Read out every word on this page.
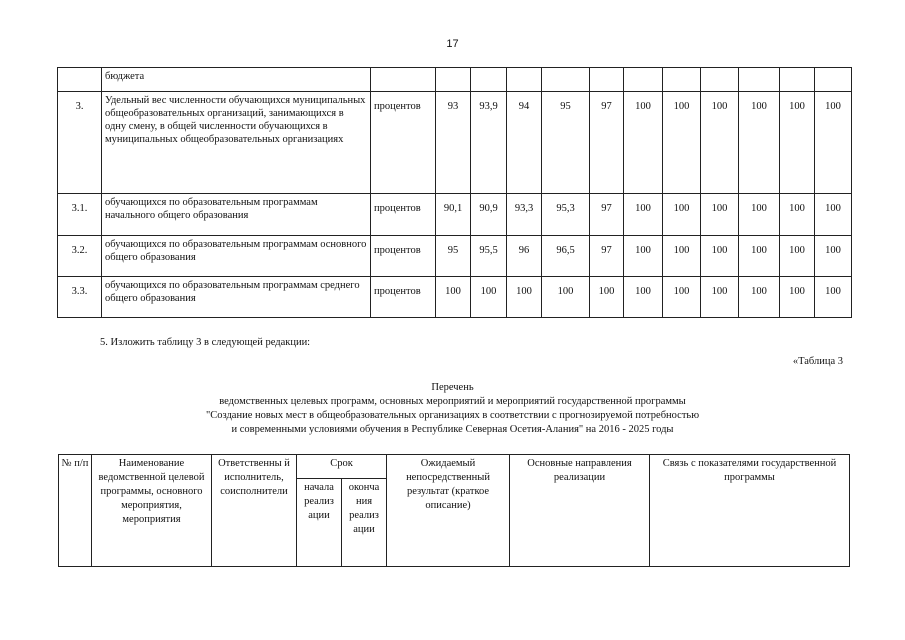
17
	бюджета												
3.	Удельный вес численности обучающихся муниципальных общеобразовательных организаций, занимающихся в одну смену, в общей численности обучающихся в муниципальных общеобразовательных организациях	процентов	93	93,9	94	95	97	100	100	100	100	100	100
3.1.	обучающихся по образовательным программам начального общего образования	процентов	90,1	90,9	93,3	95,3	97	100	100	100	100	100	100
3.2.	обучающихся по образовательным программам основного общего образования	процентов	95	95,5	96	96,5	97	100	100	100	100	100	100
3.3.	обучающихся по образовательным программам среднего общего образования	процентов	100	100	100	100	100	100	100	100	100	100	100
5. Изложить таблицу 3 в следующей редакции:
«Таблица 3
Перечень
ведомственных целевых программ, основных мероприятий и мероприятий государственной программы
"Создание новых мест в общеобразовательных организациях в соответствии с прогнозируемой потребностью
и современными условиями обучения в Республике Северная Осетия-Алания" на 2016 - 2025 годы
№ п/п	Наименование ведомственной целевой программы, основного мероприятия, мероприятия	Ответственны й исполнитель, соисполнители	Срок		Ожидаемый непосредственный результат (краткое описание)	Основные направления реализации	Связь с показателями государственной программы
			начала реализ ации	оконча ния реализ ации			
